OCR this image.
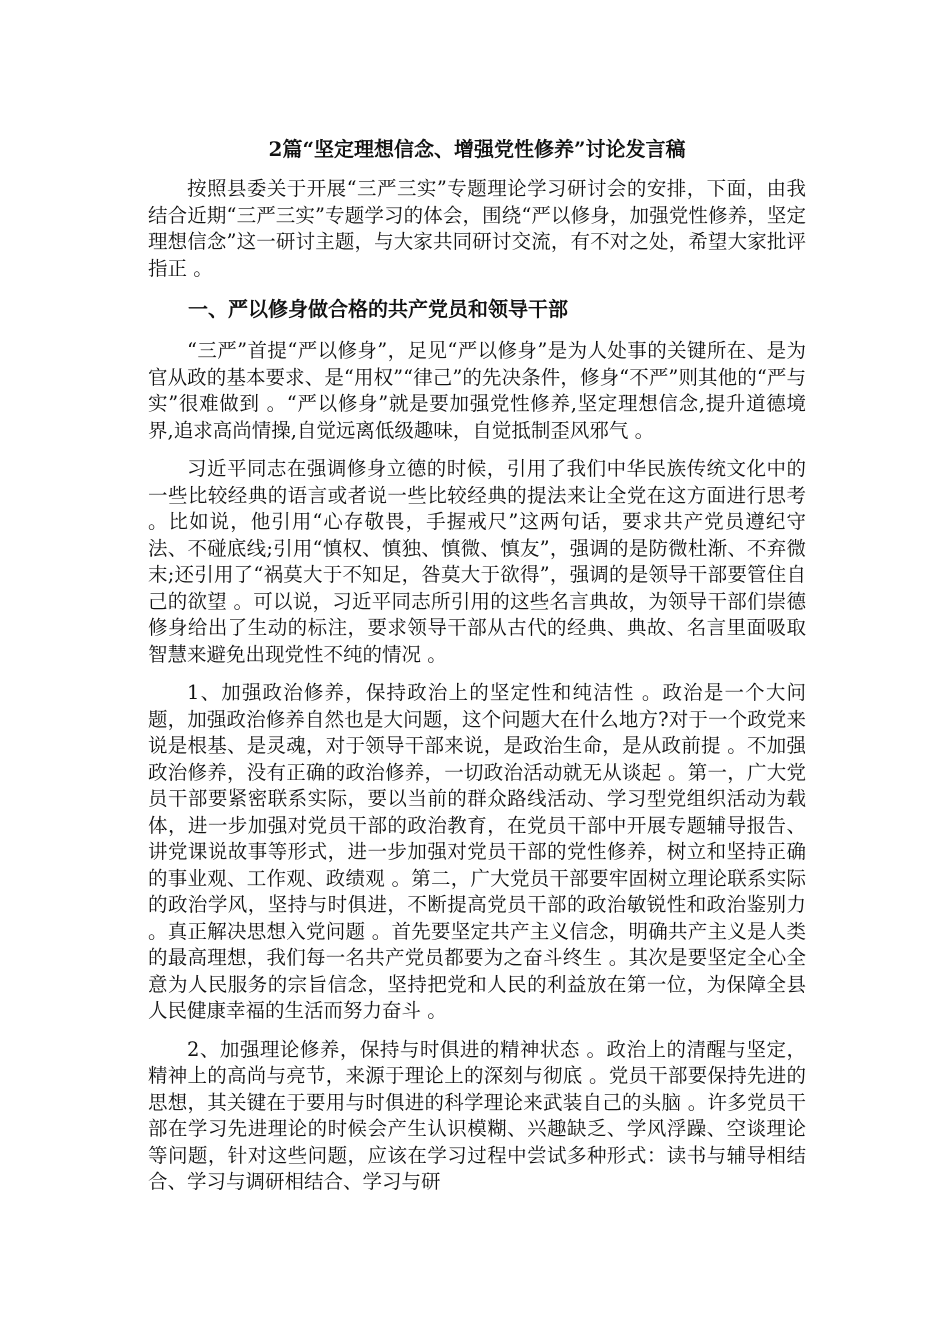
2篇“坚定理想信念、增强党性修养”讨论发言稿

按照县委关于开展“三严三实”专题理论学习研讨会的安排，下面，由我结合近期“三严三实”专题学习的体会，围绕“严以修身，加强党性修养，坚定理想信念”这一研讨主题，与大家共同研讨交流，有不对之处，希望大家批评指正 。

一、严以修身做合格的共产党员和领导干部

“三严”首提“严以修身”，足见“严以修身”是为人处事的关键所在、是为官从政的基本要求、是“用权”“律己”的先决条件，修身“不严”则其他的“严与实”很难做到 。“严以修身”就是要加强党性修养,坚定理想信念,提升道德境界,追求高尚情操,自觉远离低级趣味，自觉抵制歪风邪气 。

习近平同志在强调修身立德的时候，引用了我们中华民族传统文化中的一些比较经典的语言或者说一些比较经典的提法来让全党在这方面进行思考 。比如说，他引用“心存敬畏，手握戒尺”这两句话，要求共产党员遵纪守法、不碰底线;引用“慎权、慎独、慎微、慎友”，强调的是防微杜渐、不弃微末;还引用了“祸莫大于不知足，咎莫大于欲得”，强调的是领导干部要管住自己的欲望 。可以说，习近平同志所引用的这些名言典故，为领导干部们崇德修身给出了生动的标注，要求领导干部从古代的经典、典故、名言里面吸取智慧来避免出现党性不纯的情况 。

1、加强政治修养，保持政治上的坚定性和纯洁性 。政治是一个大问题，加强政治修养自然也是大问题，这个问题大在什么地方?对于一个政党来说是根基、是灵魂，对于领导干部来说，是政治生命，是从政前提 。不加强政治修养，没有正确的政治修养，一切政治活动就无从谈起 。第一，广大党员干部要紧密联系实际，要以当前的群众路线活动、学习型党组织活动为载体，进一步加强对党员干部的政治教育，在党员干部中开展专题辅导报告、讲党课说故事等形式，进一步加强对党员干部的党性修养，树立和坚持正确的事业观、工作观、政绩观 。第二，广大党员干部要牢固树立理论联系实际的政治学风，坚持与时俱进，不断提高党员干部的政治敏锐性和政治鉴别力 。真正解决思想入党问题 。首先要坚定共产主义信念，明确共产主义是人类的最高理想，我们每一名共产党员都要为之奋斗终生 。其次是要坚定全心全意为人民服务的宗旨信念，坚持把党和人民的利益放在第一位，为保障全县人民健康幸福的生活而努力奋斗 。

2、加强理论修养，保持与时俱进的精神状态 。政治上的清醒与坚定，精神上的高尚与亮节，来源于理论上的深刻与彻底 。党员干部要保持先进的思想，其关键在于要用与时俱进的科学理论来武装自己的头脑 。许多党员干部在学习先进理论的时候会产生认识模糊、兴趣缺乏、学风浮躁、空谈理论等问题，针对这些问题，应该在学习过程中尝试多种形式：读书与辅导相结合、学习与调研相结合、学习与研
